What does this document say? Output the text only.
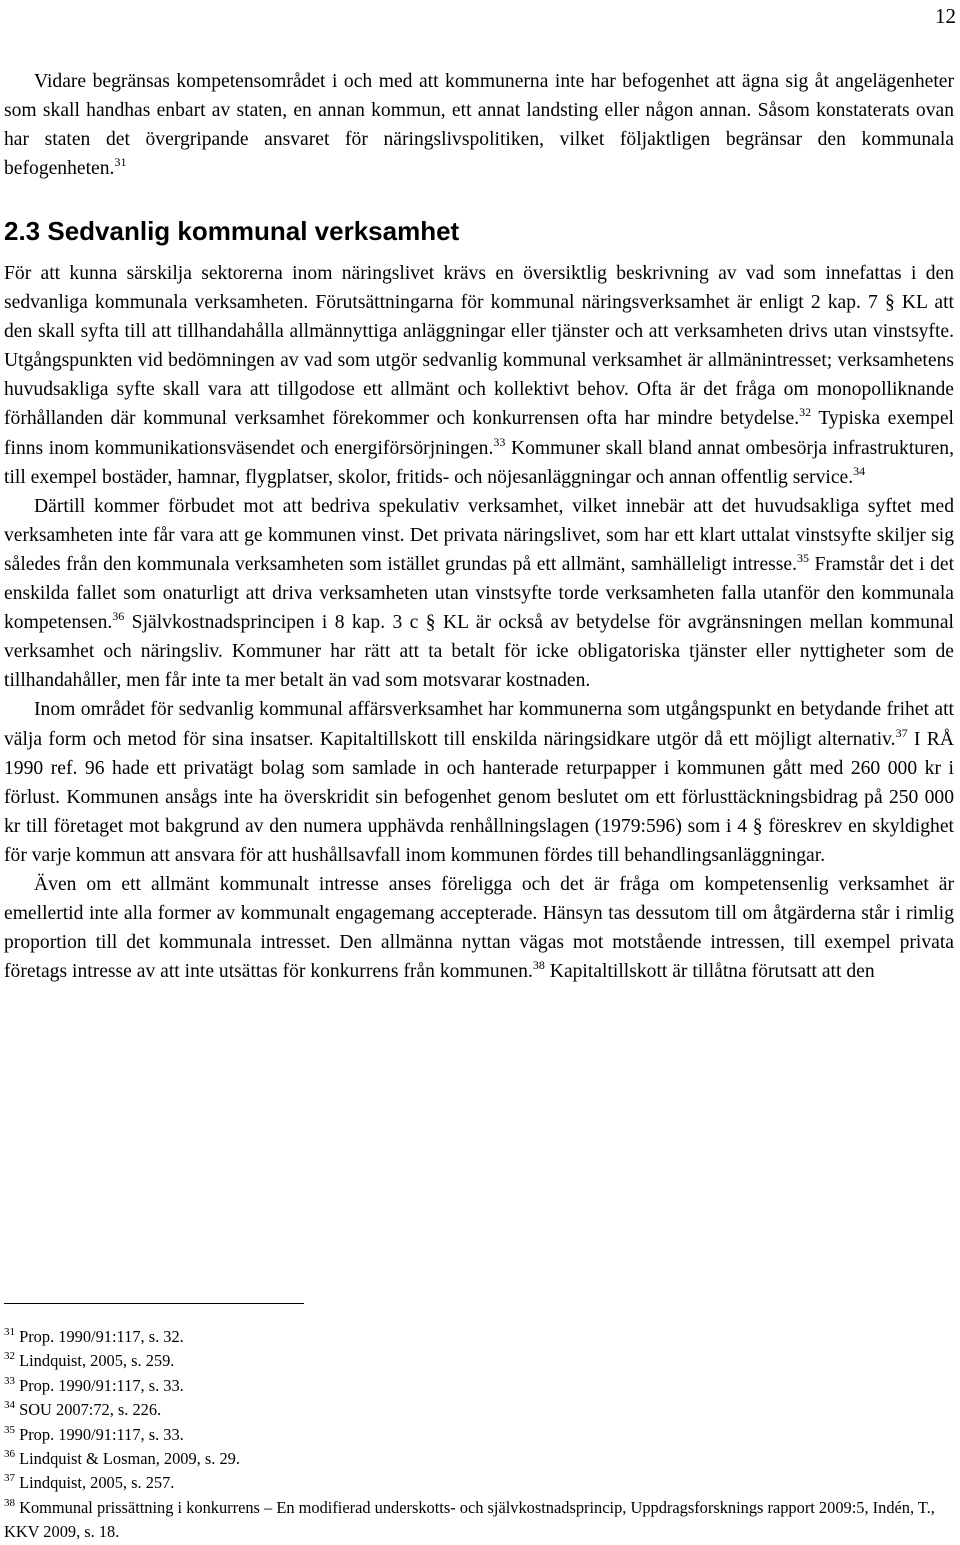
12

Vidare begränsas kompetensområdet i och med att kommunerna inte har befogenhet att ägna sig åt angelägenheter som skall handhas enbart av staten, en annan kommun, ett annat landsting eller någon annan. Såsom konstaterats ovan har staten det övergripande ansvaret för näringslivspolitiken, vilket följaktligen begränsar den kommunala befogenheten.$^{31}$

2.3 Sedvanlig kommunal verksamhet

För att kunna särskilja sektorerna inom näringslivet krävs en översiktlig beskrivning av vad som innefattas i den sedvanliga kommunala verksamheten. Förutsättningarna för kommunal näringsverksamhet är enligt 2 kap. 7 § KL att den skall syfta till att tillhandahålla allmännyttiga anläggningar eller tjänster och att verksamheten drivs utan vinstsyfte. Utgångspunkten vid bedömningen av vad som utgör sedvanlig kommunal verksamhet är allmänintresset; verksamhetens huvudsakliga syfte skall vara att tillgodose ett allmänt och kollektivt behov. Ofta är det fråga om monopolliknande förhållanden där kommunal verksamhet förekommer och konkurrensen ofta har mindre betydelse.$^{32}$ Typiska exempel finns inom kommunikationsväsendet och energiförsörjningen.$^{33}$ Kommuner skall bland annat ombesörja infrastrukturen, till exempel bostäder, hamnar, flygplatser, skolor, fritids- och nöjesanläggningar och annan offentlig service.$^{34}$

Därtill kommer förbudet mot att bedriva spekulativ verksamhet, vilket innebär att det huvudsakliga syftet med verksamheten inte får vara att ge kommunen vinst. Det privata näringslivet, som har ett klart uttalat vinstsyfte skiljer sig således från den kommunala verksamheten som istället grundas på ett allmänt, samhälleligt intresse.$^{35}$ Framstår det i det enskilda fallet som onaturligt att driva verksamheten utan vinstsyfte torde verksamheten falla utanför den kommunala kompetensen.$^{36}$ Självkostnadsprincipen i 8 kap. 3 c § KL är också av betydelse för avgränsningen mellan kommunal verksamhet och näringsliv. Kommuner har rätt att ta betalt för icke obligatoriska tjänster eller nyttigheter som de tillhandahåller, men får inte ta mer betalt än vad som motsvarar kostnaden.

Inom området för sedvanlig kommunal affärsverksamhet har kommunerna som utgångspunkt en betydande frihet att välja form och metod för sina insatser. Kapitaltillskott till enskilda näringsidkare utgör då ett möjligt alternativ.$^{37}$ I RÅ 1990 ref. 96 hade ett privatägt bolag som samlade in och hanterade returpapper i kommunen gått med 260 000 kr i förlust. Kommunen ansågs inte ha överskridit sin befogenhet genom beslutet om ett förlusttäckningsbidrag på 250 000 kr till företaget mot bakgrund av den numera upphävda renhållningslagen (1979:596) som i 4 § föreskrev en skyldighet för varje kommun att ansvara för att hushållsavfall inom kommunen fördes till behandlingsanläggningar.

Även om ett allmänt kommunalt intresse anses föreligga och det är fråga om kompetensenlig verksamhet är emellertid inte alla former av kommunalt engagemang accepterade. Hänsyn tas dessutom till om åtgärderna står i rimlig proportion till det kommunala intresset. Den allmänna nyttan vägas mot motstående intressen, till exempel privata företags intresse av att inte utsättas för konkurrens från kommunen.$^{38}$ Kapitaltillskott är tillåtna förutsatt att den

$^{31}$ Prop. 1990/91:117, s. 32.

$^{32}$ Lindquist, 2005, s. 259.

$^{33}$ Prop. 1990/91:117, s. 33.

$^{34}$ SOU 2007:72, s. 226.

$^{35}$ Prop. 1990/91:117, s. 33.

$^{36}$ Lindquist & Losman, 2009, s. 29.

$^{37}$ Lindquist, 2005, s. 257.

$^{38}$ Kommunal prissättning i konkurrens – En modifierad underskotts- och självkostnadsprincip, Uppdragsforsknings rapport 2009:5, Indén, T., KKV 2009, s. 18.
